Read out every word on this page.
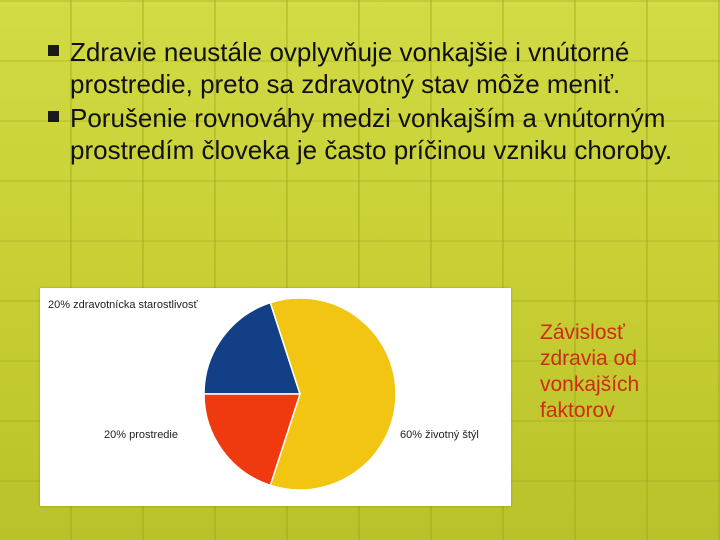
Zdravie neustále ovplyvňuje vonkajšie i vnútorné prostredie, preto sa zdravotný stav môže meniť.

Porušenie rovnováhy medzi vonkajším a vnútorným prostredím človeka je často príčinou vzniku choroby.

20% zdravotnícka starostlivosť
60% životný štýl
20% prostredie
Závislosť
zdravia od
vonkajších
faktorov
